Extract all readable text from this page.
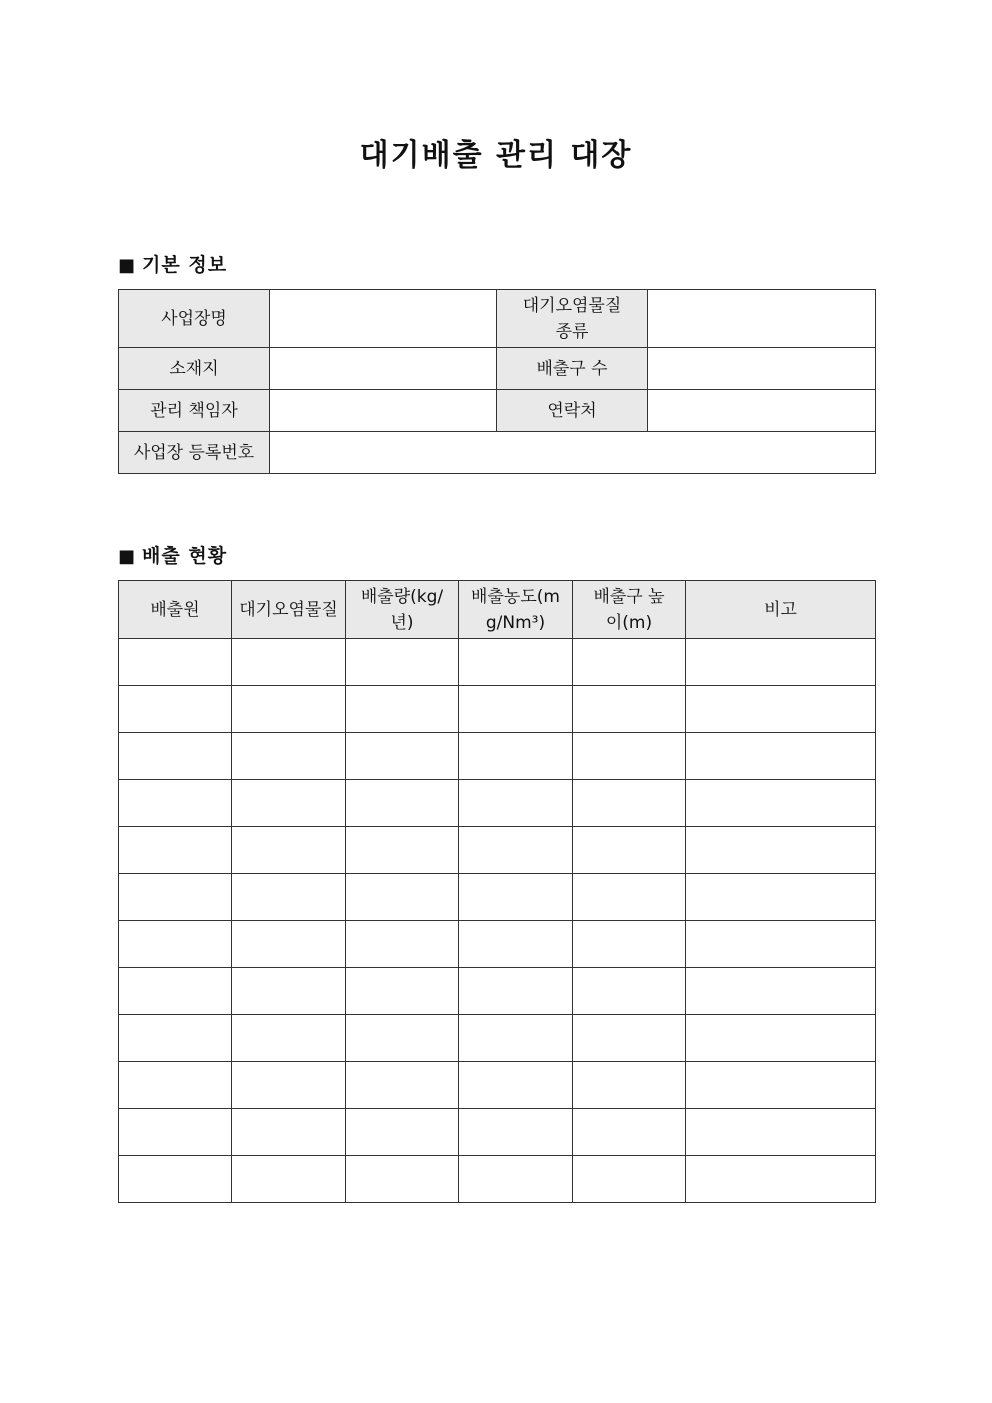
대기배출 관리 대장
■ 기본 정보
사업장명		대기오염물질 종류	
소재지		배출구 수	
관리 책임자		연락처	
사업장 등록번호			
■ 배출 현황
배출원	대기오염물질	배출량(kg/년)	배출농도(mg/Nm³)	배출구 높이(m)	비고
